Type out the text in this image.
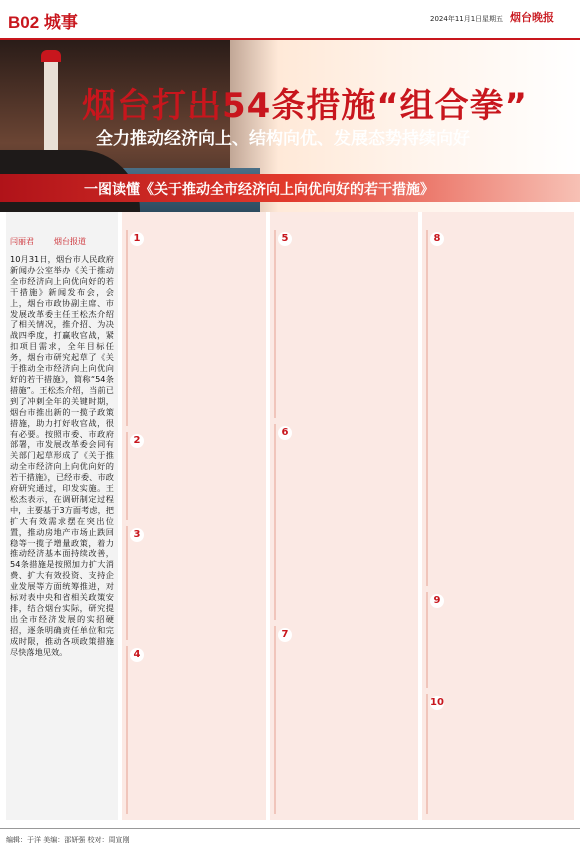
B02 城事	2024年11月1日 星期五 烟台晚报
烟台打出54条措施“组合拳”
全力推动经济向上、结构向优、发展态势持续向好
一图读懂《关于推动全市经济向上向优向好的若干措施》
闫丽君	烟台报道
10月31日，烟台市人民政府新闻办公室举办《关于推动全市经济向上向优向好的若干措施》新闻发布会，会上，烟台市政协副主席、市发展改革委主任王松杰介绍了相关情况，推介招、为决战四季度，打赢收官战，紧扣项目需求，全年目标任务，烟台市研究起草了《关于推动全市经济向上向优向好的若干措施》，简称“54条措施”。王松杰介绍，当前已到了冲刺全年的关键时期，烟台市推出新的一揽子政策措施，助力打好收官战，很有必要。按照市委、市政府部署，市发展改革委会同有关部门起草形成了《关于推动全市经济向上向优向好的若干措施》，已经市委、市政府研究通过，印发实施。王松杰表示，在调研制定过程中，主要基于3方面考虑，把扩大有效需求摆在突出位置，推动房地产市场止跌回稳等一揽子增量政策，着力推动经济基本面持续改善，54条措施是按照加力扩大消费、扩大有效投资、支持企业发展等方面统筹推进，对标对表中央和省相关政策安排，结合烟台实际，研究提出全市经济发展的实招硬招，逐条明确责任单位和完成时限，推动各项政策措施尽快落地见效。
1

2

3

4

5

6

7

8

9

10

编辑：于洋 美编：邵妍强 校对：周宣刚
